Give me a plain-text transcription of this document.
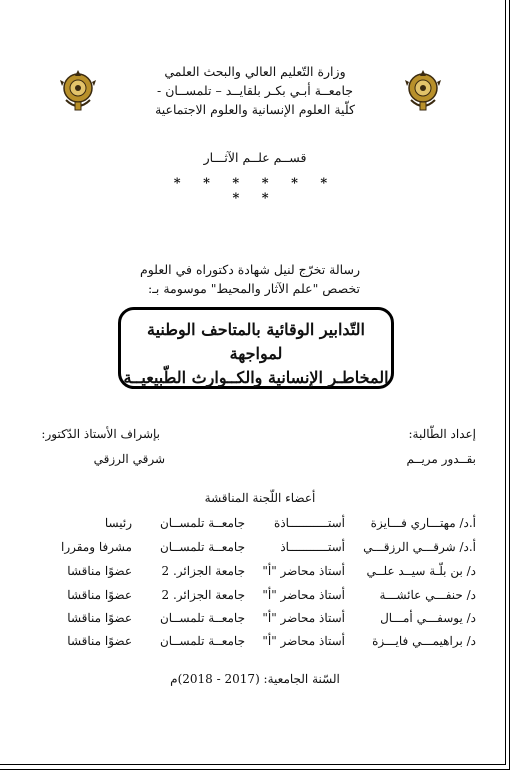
وزارة التّعليم العالي والبحث العلمي
جامعــة أبـي بكـر بلقايــد – تلمســان -
كلّية العلوم الإنسانية والعلوم الاجتماعية
قســم علــم الآثـــار
* * * * * * * *
رسالة تخرّج لنيل شهادة دكتوراه في العلوم
تخصص "علم الآثار والمحيط" موسومة بـ:
التّدابير الوقائية بالمتاحف الوطنية لمواجهة
المخاطـر الإنسانية والكــوارث الطّبيعيــة
إعداد الطّالبة:
بقــدور مريــم
بإشراف الأستاذ الدّكتور:
شرقي الرزقي
أعضاء اللّجنة المناقشة
أ.د/ مهتـــاري فـــايزة
أستـــــــــــاذة
جامعــة تلمســان
رئيسا
أ.د/ شرقـــي الرزقـــي
أستـــــــــــاذ
جامعــة تلمســان
مشرفا ومقررا
د/ بن بلّـة سيــد علــي
أستاذ محاضر "أ"
جامعة الجزائر. 2
عضوًا مناقشا
د/ حنفـــي عائشـــة
أستاذ محاضر "أ"
جامعة الجزائر. 2
عضوًا مناقشا
د/ يوسفـــي أمـــال
أستاذ محاضر "أ"
جامعــة تلمســان
عضوًا مناقشا
د/ براهيمـــي فايـــزة
أستاذ محاضر "أ"
جامعــة تلمســان
عضوًا مناقشا
السّنة الجامعية: (2017 - 2018)م
